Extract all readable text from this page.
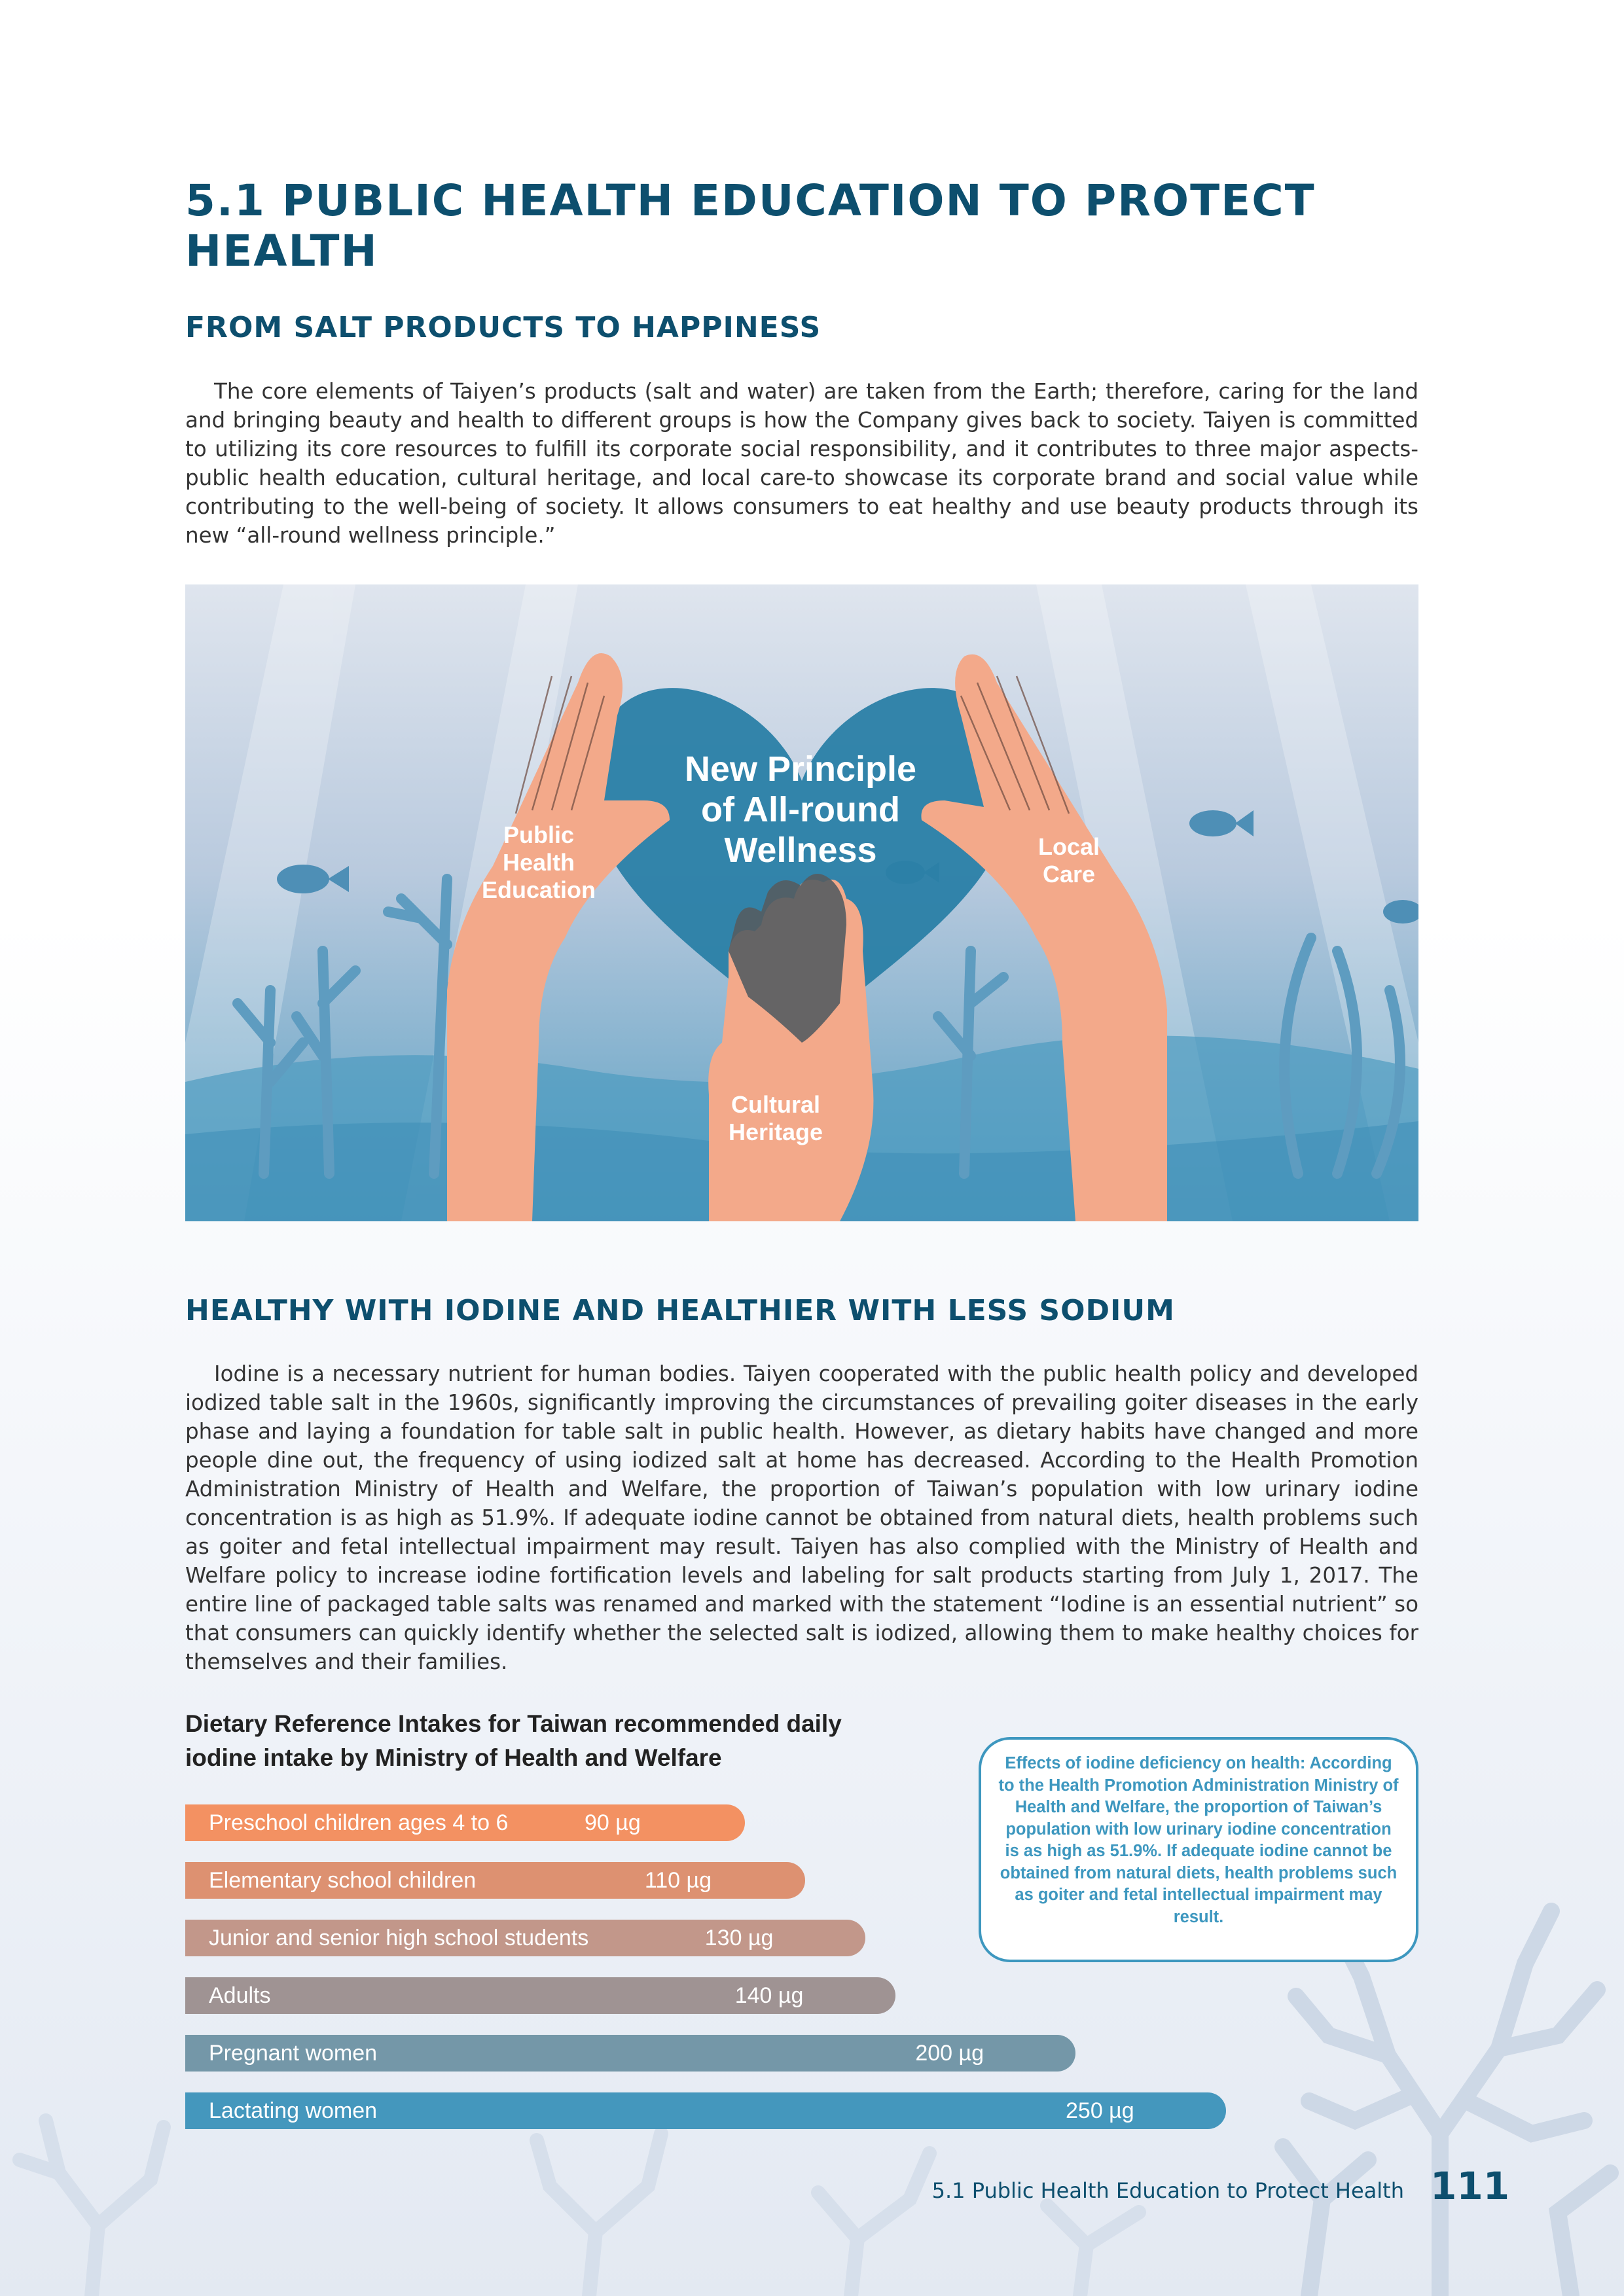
5.1 PUBLIC HEALTH EDUCATION TO PROTECT HEALTH
FROM SALT PRODUCTS TO HAPPINESS
The core elements of Taiyen’s products (salt and water) are taken from the Earth; therefore, caring for the land and bringing beauty and health to different groups is how the Company gives back to society. Taiyen is committed to utilizing its core resources to fulfill its corporate social responsibility, and it contributes to three major aspects-public health education, cultural heritage, and local care-to showcase its corporate brand and social value while contributing to the well-being of society. It allows consumers to eat healthy and use beauty products through its new “all-round wellness principle.”
New Principle
of All-round
Wellness
Public
Health
Education
Local
Care
Cultural
Heritage
HEALTHY WITH IODINE AND HEALTHIER WITH LESS SODIUM
Iodine is a necessary nutrient for human bodies. Taiyen cooperated with the public health policy and developed iodized table salt in the 1960s, significantly improving the circumstances of prevailing goiter diseases in the early phase and laying a foundation for table salt in public health. However, as dietary habits have changed and more people dine out, the frequency of using iodized salt at home has decreased. According to the Health Promotion Administration Ministry of Health and Welfare, the proportion of Taiwan’s population with low urinary iodine concentration is as high as 51.9%. If adequate iodine cannot be obtained from natural diets, health problems such as goiter and fetal intellectual impairment may result. Taiyen has also complied with the Ministry of Health and Welfare policy to increase iodine fortification levels and labeling for salt products starting from July 1, 2017. The entire line of packaged table salts was renamed and marked with the statement “Iodine is an essential nutrient” so that consumers can quickly identify whether the selected salt is iodized, allowing them to make healthy choices for themselves and their families.
Dietary Reference Intakes for Taiwan recommended daily iodine intake by Ministry of Health and Welfare
Preschool children ages 4 to 6	90 µg
Elementary school children	110 µg
Junior and senior high school students	130 µg
Adults	140 µg
Pregnant women	200 µg
Lactating women	250 µg
Effects of iodine deficiency on health: According to the Health Promotion Administration Ministry of Health and Welfare, the proportion of Taiwan’s population with low urinary iodine concentration is as high as 51.9%. If adequate iodine cannot be obtained from natural diets, health problems such as goiter and fetal intellectual impairment may result.
5.1 Public Health Education to Protect Health 111
